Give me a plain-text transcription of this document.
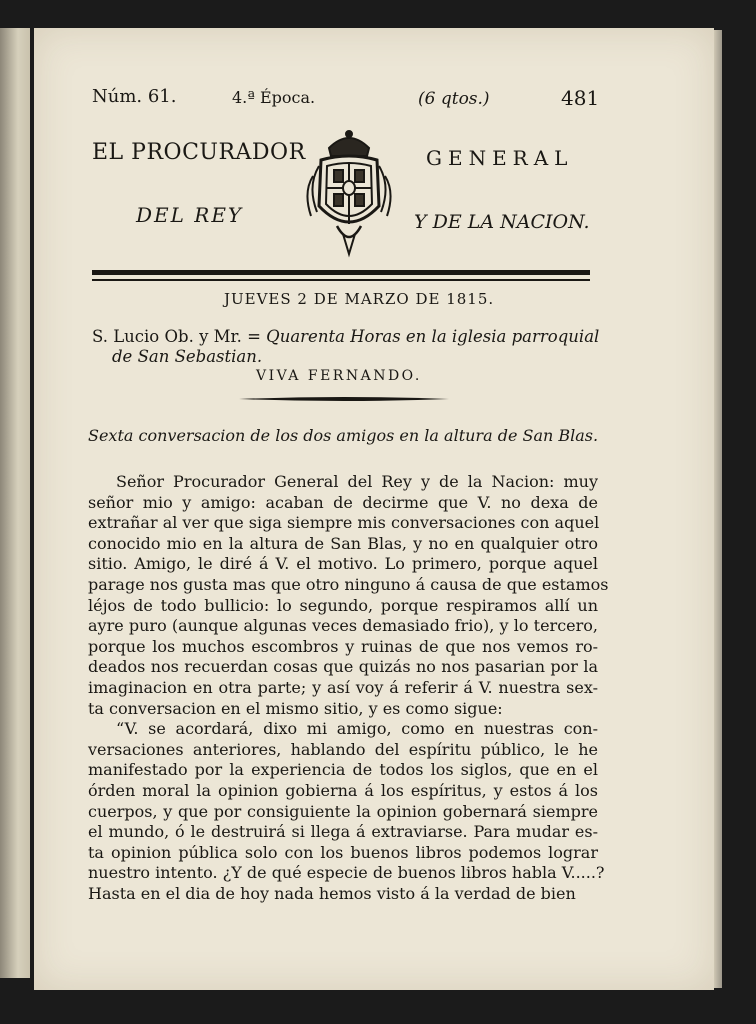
Núm. 61.	4.ª Época.	(6 qtos.)	481
EL PROCURADOR	GENERAL
DEL REY	Y DE LA NACION.
JUEVES 2 DE MARZO DE 1815.
S. Lucio Ob. y Mr. = Quarenta Horas en la iglesia parroquial
de San Sebastian.
VIVA FERNANDO.
Sexta conversacion de los dos amigos en la altura de San Blas.
Señor Procurador General del Rey y de la Nacion: muy
señor mio y amigo: acaban de decirme que V. no dexa de
extrañar al ver que siga siempre mis conversaciones con aquel
conocido mio en la altura de San Blas, y no en qualquier otro
sitio. Amigo, le diré á V. el motivo. Lo primero, porque aquel
parage nos gusta mas que otro ninguno á causa de que estamos
léjos de todo bullicio: lo segundo, porque respiramos allí un
ayre puro (aunque algunas veces demasiado frio), y lo tercero,
porque los muchos escombros y ruinas de que nos vemos ro-
deados nos recuerdan cosas que quizás no nos pasarian por la
imaginacion en otra parte; y así voy á referir á V. nuestra sex-
ta conversacion en el mismo sitio, y es como sigue:
“V. se acordará, dixo mi amigo, como en nuestras con-
versaciones anteriores, hablando del espíritu público, le he
manifestado por la experiencia de todos los siglos, que en el
órden moral la opinion gobierna á los espíritus, y estos á los
cuerpos, y que por consiguiente la opinion gobernará siempre
el mundo, ó le destruirá si llega á extraviarse. Para mudar es-
ta opinion pública solo con los buenos libros podemos lograr
nuestro intento. ¿Y de qué especie de buenos libros habla V.....?
Hasta en el dia de hoy nada hemos visto á la verdad de bien
